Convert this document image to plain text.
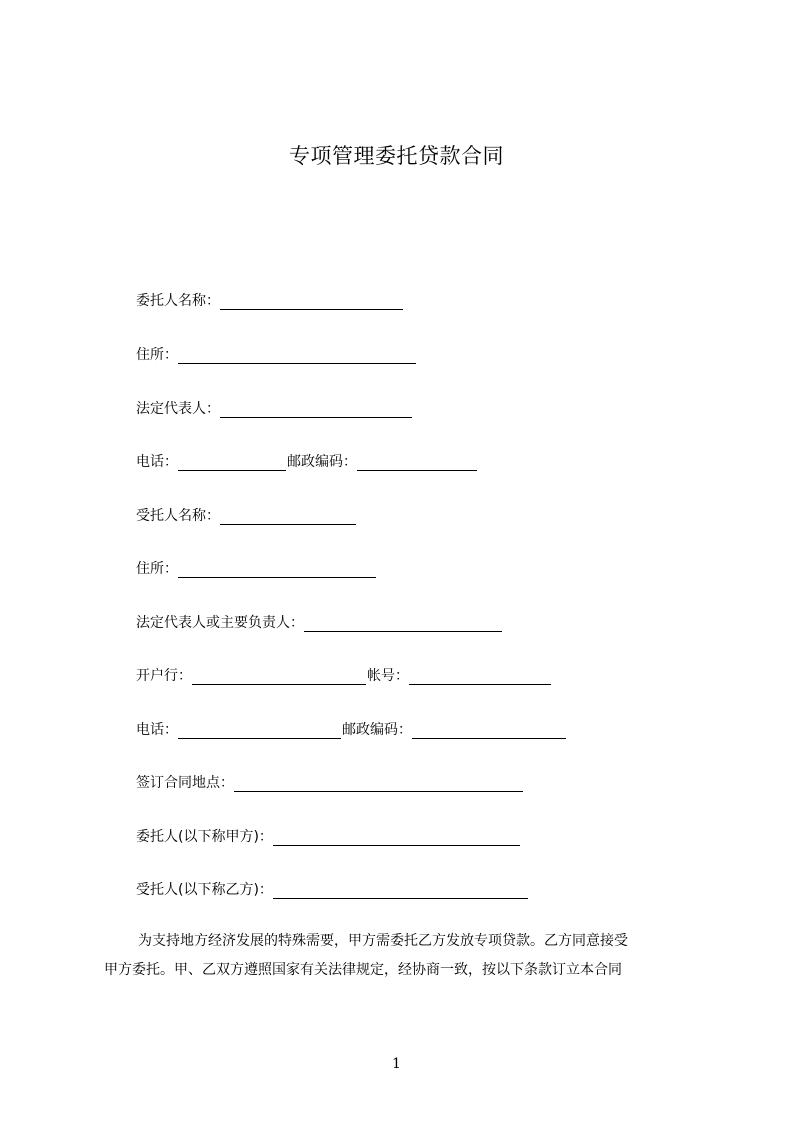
专项管理委托贷款合同
委托人名称：
住所：
法定代表人：
电话：	邮政编码：
受托人名称：
住所：
法定代表人或主要负责人：
开户行：	帐号：
电话：	邮政编码：
签订合同地点：
委托人(以下称甲方)：
受托人(以下称乙方)：

为支持地方经济发展的特殊需要，甲方需委托乙方发放专项贷款。乙方同意接受

甲方委托。甲、乙双方遵照国家有关法律规定，经协商一致，按以下条款订立本合同

1
